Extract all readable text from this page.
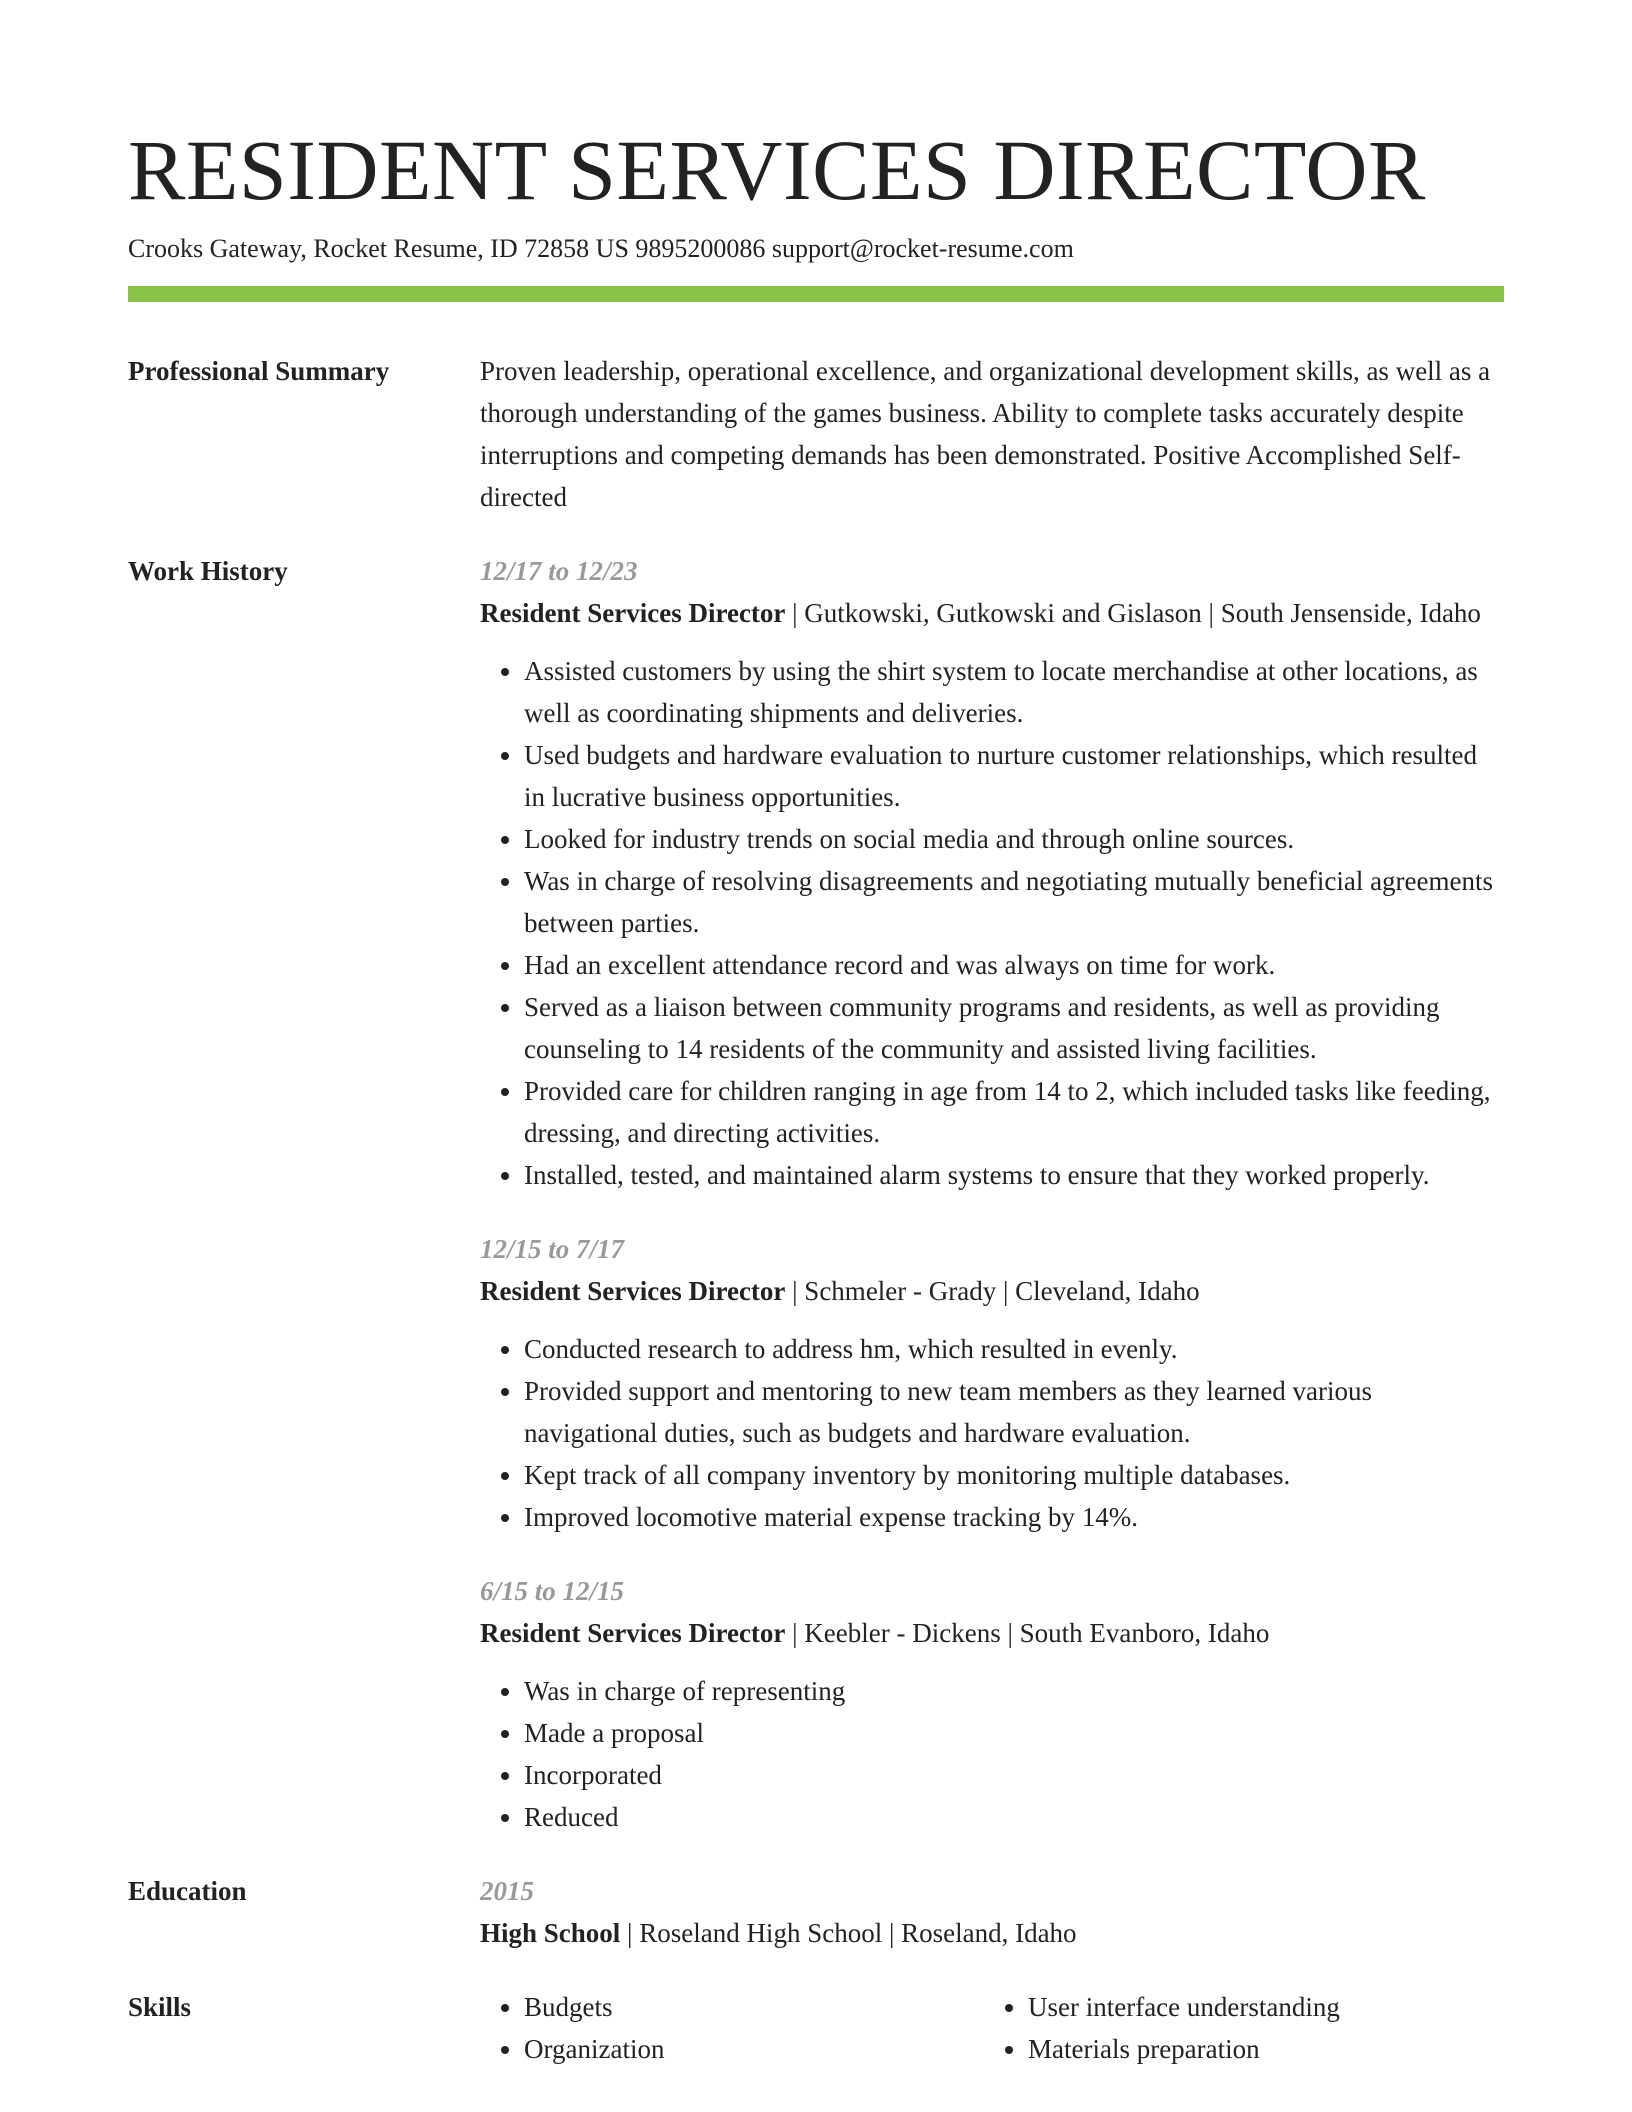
RESIDENT SERVICES DIRECTOR
Crooks Gateway, Rocket Resume, ID 72858 US 9895200086 support@rocket-resume.com
Professional Summary	Proven leadership, operational excellence, and organizational development skills, as well as a thorough understanding of the games business. Ability to complete tasks accurately despite interruptions and competing demands has been demonstrated. Positive Accomplished Self-directed

Work History	12/17 to 12/23
Resident Services Director | Gutkowski, Gutkowski and Gislason | South Jensenside, Idaho
• Assisted customers by using the shirt system to locate merchandise at other locations, as well as coordinating shipments and deliveries.
• Used budgets and hardware evaluation to nurture customer relationships, which resulted in lucrative business opportunities.
• Looked for industry trends on social media and through online sources.
• Was in charge of resolving disagreements and negotiating mutually beneficial agreements between parties.
• Had an excellent attendance record and was always on time for work.
• Served as a liaison between community programs and residents, as well as providing counseling to 14 residents of the community and assisted living facilities.
• Provided care for children ranging in age from 14 to 2, which included tasks like feeding, dressing, and directing activities.
• Installed, tested, and maintained alarm systems to ensure that they worked properly.
12/15 to 7/17
Resident Services Director | Schmeler - Grady | Cleveland, Idaho
• Conducted research to address hm, which resulted in evenly.
• Provided support and mentoring to new team members as they learned various navigational duties, such as budgets and hardware evaluation.
• Kept track of all company inventory by monitoring multiple databases.
• Improved locomotive material expense tracking by 14%.
6/15 to 12/15
Resident Services Director | Keebler - Dickens | South Evanboro, Idaho
• Was in charge of representing
• Made a proposal
• Incorporated
• Reduced
Education	2015
High School | Roseland High School | Roseland, Idaho
Skills
•	Budgets
• Organization
• User interface understanding
• Materials preparation
